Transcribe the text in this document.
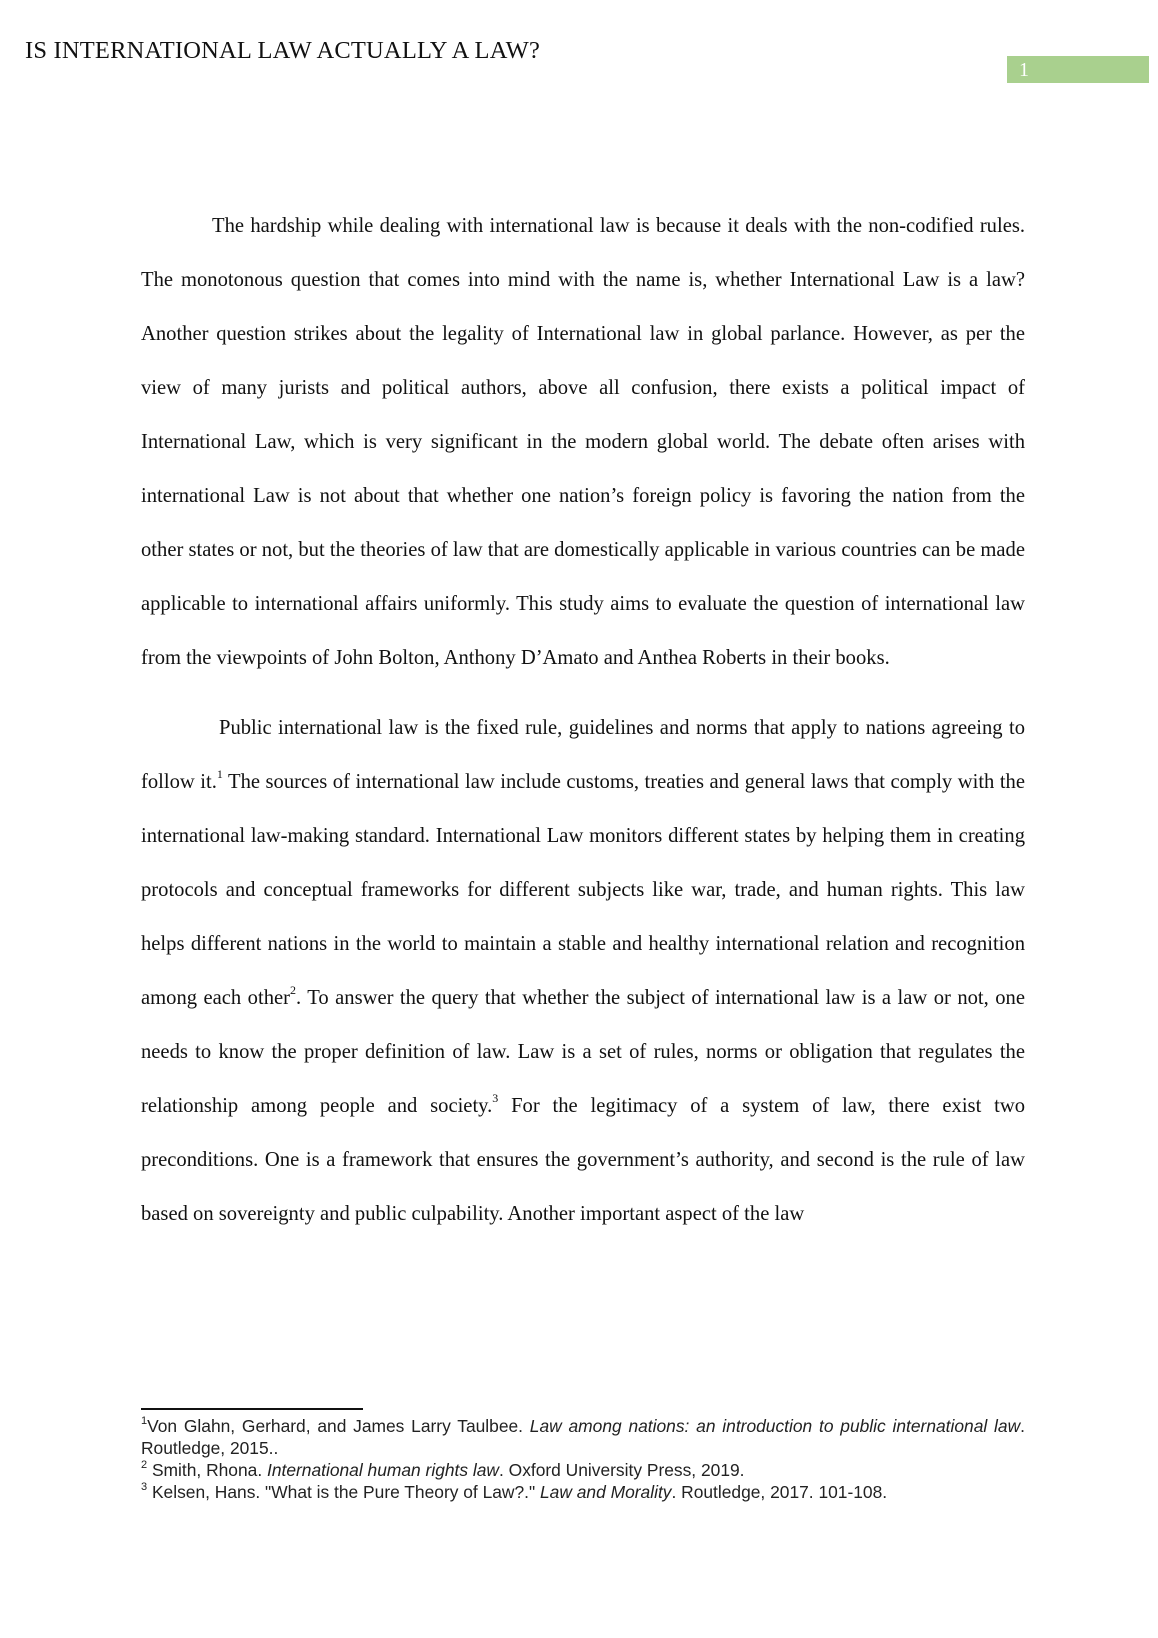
IS INTERNATIONAL LAW ACTUALLY A LAW?
1

The hardship while dealing with international law is because it deals with the non-codified rules. The monotonous question that comes into mind with the name is, whether International Law is a law? Another question strikes about the legality of International law in global parlance. However, as per the view of many jurists and political authors, above all confusion, there exists a political impact of International Law, which is very significant in the modern global world. The debate often arises with international Law is not about that whether one nation’s foreign policy is favoring the nation from the other states or not, but the theories of law that are domestically applicable in various countries can be made applicable to international affairs uniformly. This study aims to evaluate the question of international law from the viewpoints of John Bolton, Anthony D’Amato and Anthea Roberts in their books.

Public international law is the fixed rule, guidelines and norms that apply to nations agreeing to follow it.$^1$ The sources of international law include customs, treaties and general laws that comply with the international law-making standard. International Law monitors different states by helping them in creating protocols and conceptual frameworks for different subjects like war, trade, and human rights. This law helps different nations in the world to maintain a stable and healthy international relation and recognition among each other$^2$. To answer the query that whether the subject of international law is a law or not, one needs to know the proper definition of law. Law is a set of rules, norms or obligation that regulates the relationship among people and society.$^3$ For the legitimacy of a system of law, there exist two preconditions. One is a framework that ensures the government’s authority, and second is the rule of law based on sovereignty and public culpability. Another important aspect of the law

$^1$Von Glahn, Gerhard, and James Larry Taulbee. Law among nations: an introduction to public international law. Routledge, 2015..

$^2$ Smith, Rhona. International human rights law. Oxford University Press, 2019.

$^3$ Kelsen, Hans. "What is the Pure Theory of Law?." Law and Morality. Routledge, 2017. 101-108.
